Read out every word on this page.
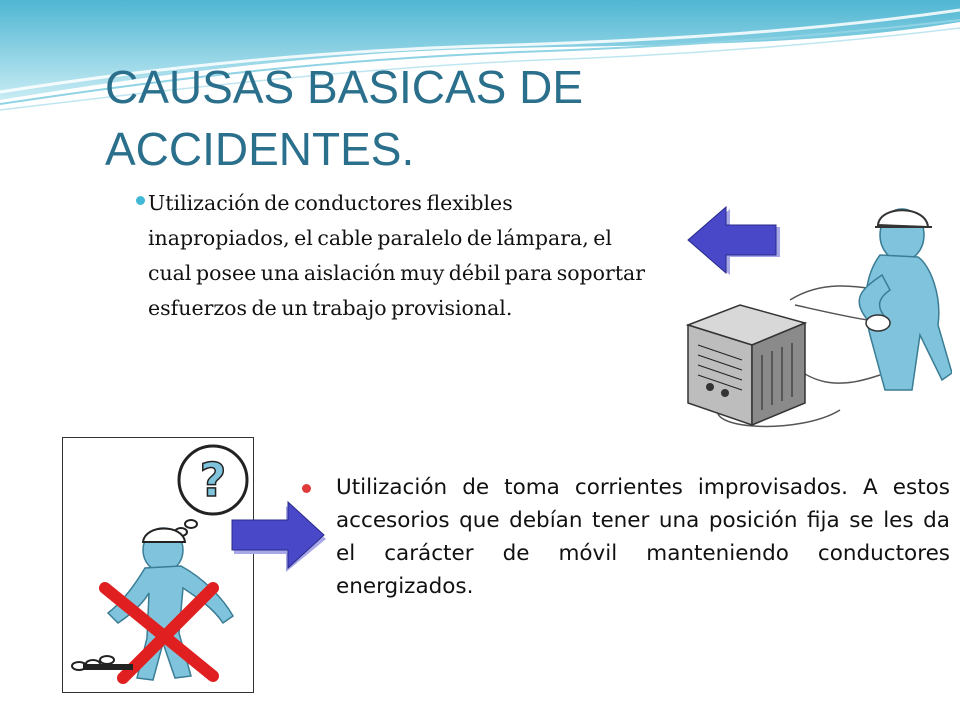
CAUSAS BASICAS DE ACCIDENTES.

Utilización de conductores flexibles inapropiados, el cable paralelo de lámpara, el cual posee una aislación muy débil para soportar esfuerzos de un trabajo provisional.

?	Utilización de toma corrientes improvisados. A estos accesorios que debían tener una posición fija se les da el carácter de móvil manteniendo conductores energizados.
